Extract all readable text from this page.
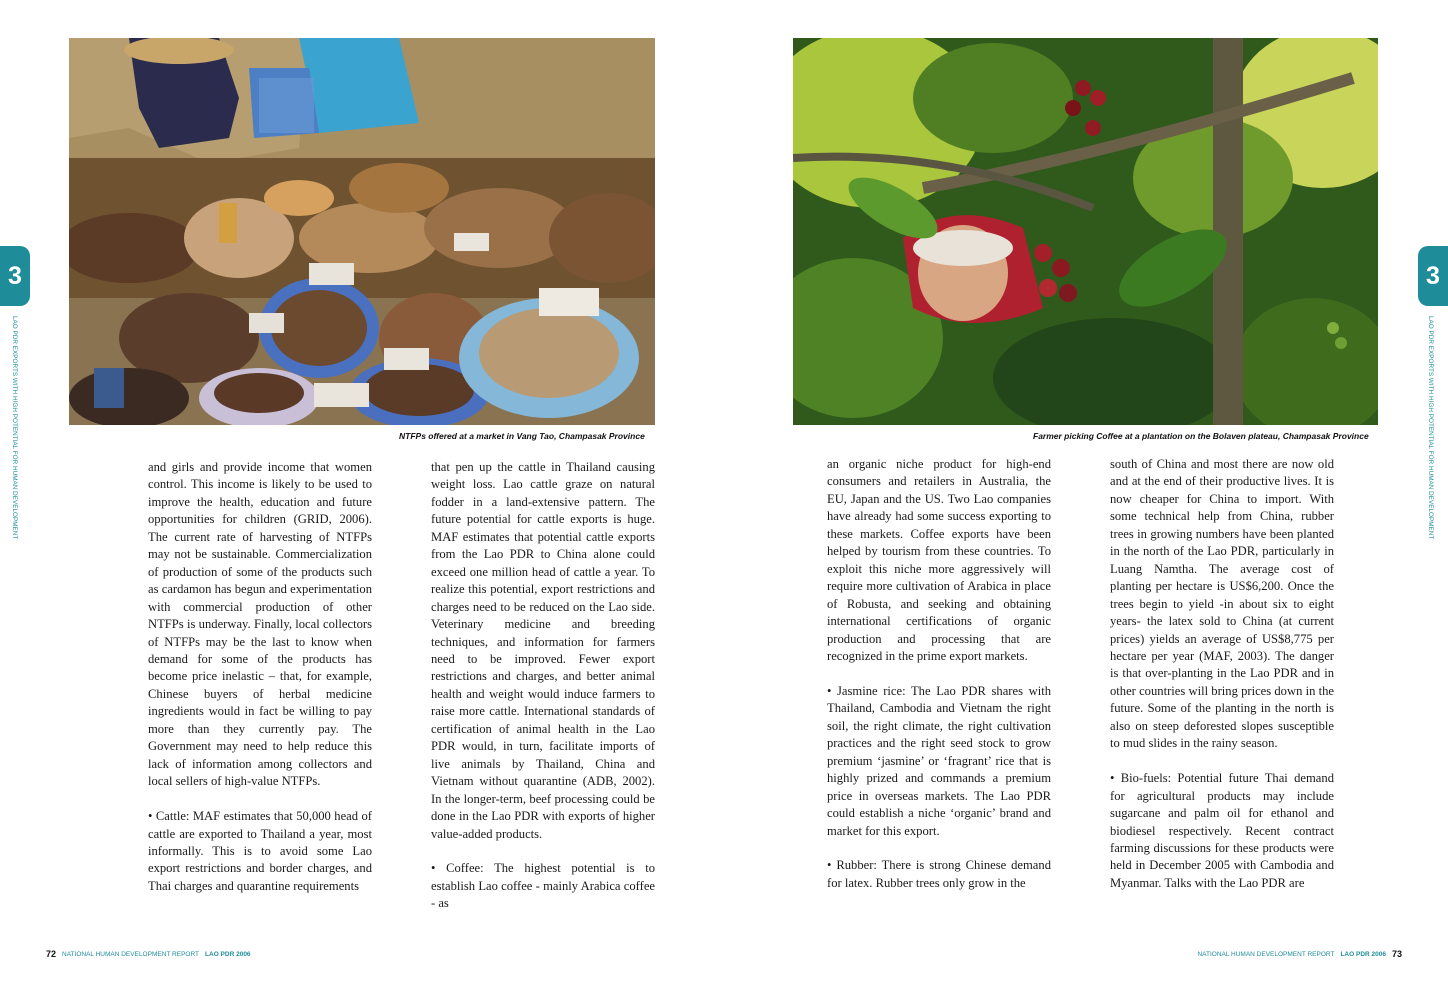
3	3
LAO PDR EXPORTS WITH HIGH POTENTIAL FOR HUMAN DEVELOPMENT	LAO PDR EXPORTS WITH HIGH POTENTIAL FOR HUMAN DEVELOPMENT
NTFPs offered at a market in Vang Tao, Champasak Province	Farmer picking Coffee at a plantation on the Bolaven plateau, Champasak Province

and girls and provide income that women control. This income is likely to be used to improve the health, education and future opportunities for children (GRID, 2006). The current rate of harvesting of NTFPs may not be sustainable. Commercialization of production of some of the products such as cardamon has begun and experimentation with commercial production of other NTFPs is underway. Finally, local collectors of NTFPs may be the last to know when demand for some of the products has become price inelastic – that, for example, Chinese buyers of herbal medicine ingredients would in fact be willing to pay more than they currently pay. The Government may need to help reduce this lack of information among collectors and local sellers of high-value NTFPs.

• Cattle: MAF estimates that 50,000 head of cattle are exported to Thailand a year, most informally. This is to avoid some Lao export restrictions and border charges, and Thai charges and quarantine requirements

that pen up the cattle in Thailand causing weight loss. Lao cattle graze on natural fodder in a land-extensive pattern. The future potential for cattle exports is huge. MAF estimates that potential cattle exports from the Lao PDR to China alone could exceed one million head of cattle a year. To realize this potential, export restrictions and charges need to be reduced on the Lao side. Veterinary medicine and breeding techniques, and information for farmers need to be improved. Fewer export restrictions and charges, and better animal health and weight would induce farmers to raise more cattle. International standards of certification of animal health in the Lao PDR would, in turn, facilitate imports of live animals by Thailand, China and Vietnam without quarantine (ADB, 2002). In the longer-term, beef processing could be done in the Lao PDR with exports of higher value-added products.

• Coffee: The highest potential is to establish Lao coffee - mainly Arabica coffee - as

an organic niche product for high-end consumers and retailers in Australia, the EU, Japan and the US. Two Lao companies have already had some success exporting to these markets. Coffee exports have been helped by tourism from these countries. To exploit this niche more aggressively will require more cultivation of Arabica in place of Robusta, and seeking and obtaining international certifications of organic production and processing that are recognized in the prime export markets.

• Jasmine rice: The Lao PDR shares with Thailand, Cambodia and Vietnam the right soil, the right climate, the right cultivation practices and the right seed stock to grow premium ‘jasmine’ or ‘fragrant’ rice that is highly prized and commands a premium price in overseas markets. The Lao PDR could establish a niche ‘organic’ brand and market for this export.

• Rubber: There is strong Chinese demand for latex. Rubber trees only grow in the

south of China and most there are now old and at the end of their productive lives. It is now cheaper for China to import. With some technical help from China, rubber trees in growing numbers have been planted in the north of the Lao PDR, particularly in Luang Namtha. The average cost of planting per hectare is US$6,200. Once the trees begin to yield -in about six to eight years- the latex sold to China (at current prices) yields an average of US$8,775 per hectare per year (MAF, 2003). The danger is that over-planting in the Lao PDR and in other countries will bring prices down in the future. Some of the planting in the north is also on steep deforested slopes susceptible to mud slides in the rainy season.

• Bio-fuels: Potential future Thai demand for agricultural products may include sugarcane and palm oil for ethanol and biodiesel respectively. Recent contract farming discussions for these products were held in December 2005 with Cambodia and Myanmar. Talks with the Lao PDR are

72 NATIONAL HUMAN DEVELOPMENT REPORT LAO PDR 2006	NATIONAL HUMAN DEVELOPMENT REPORT LAO PDR 2006 73
